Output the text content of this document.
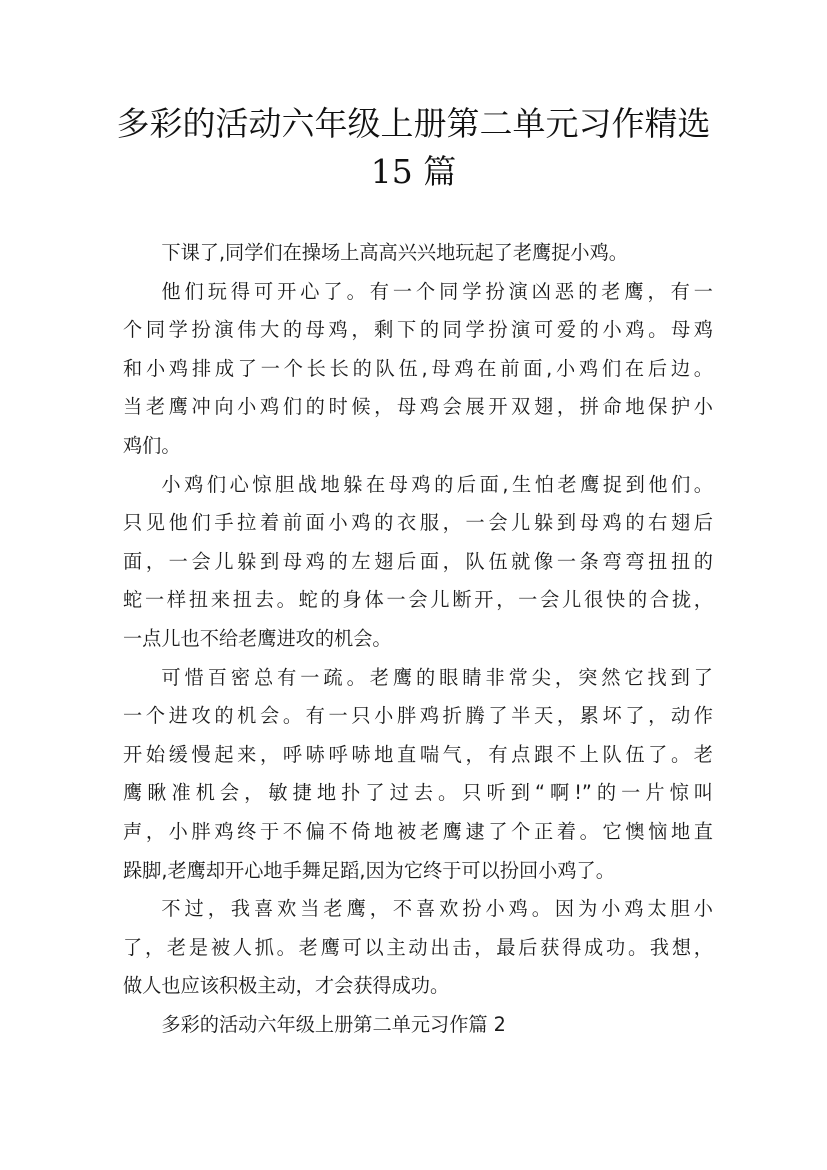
多彩的活动六年级上册第二单元习作精选
15 篇

下课了,同学们在操场上高高兴兴地玩起了老鹰捉小鸡。

他们玩得可开心了。有一个同学扮演凶恶的老鹰，有一
个同学扮演伟大的母鸡，剩下的同学扮演可爱的小鸡。母鸡
和小鸡排成了一个长长的队伍,母鸡在前面,小鸡们在后边。
当老鹰冲向小鸡们的时候，母鸡会展开双翅，拼命地保护小
鸡们。

小鸡们心惊胆战地躲在母鸡的后面,生怕老鹰捉到他们。
只见他们手拉着前面小鸡的衣服，一会儿躲到母鸡的右翅后
面，一会儿躲到母鸡的左翅后面，队伍就像一条弯弯扭扭的
蛇一样扭来扭去。蛇的身体一会儿断开，一会儿很快的合拢，
一点儿也不给老鹰进攻的机会。

可惜百密总有一疏。老鹰的眼睛非常尖，突然它找到了
一个进攻的机会。有一只小胖鸡折腾了半天，累坏了，动作
开始缓慢起来，呼哧呼哧地直喘气，有点跟不上队伍了。老
鹰瞅准机会，敏捷地扑了过去。只听到“啊!”的一片惊叫
声，小胖鸡终于不偏不倚地被老鹰逮了个正着。它懊恼地直
跺脚,老鹰却开心地手舞足蹈,因为它终于可以扮回小鸡了。

不过，我喜欢当老鹰，不喜欢扮小鸡。因为小鸡太胆小
了，老是被人抓。老鹰可以主动出击，最后获得成功。我想，
做人也应该积极主动，才会获得成功。

多彩的活动六年级上册第二单元习作篇 2
